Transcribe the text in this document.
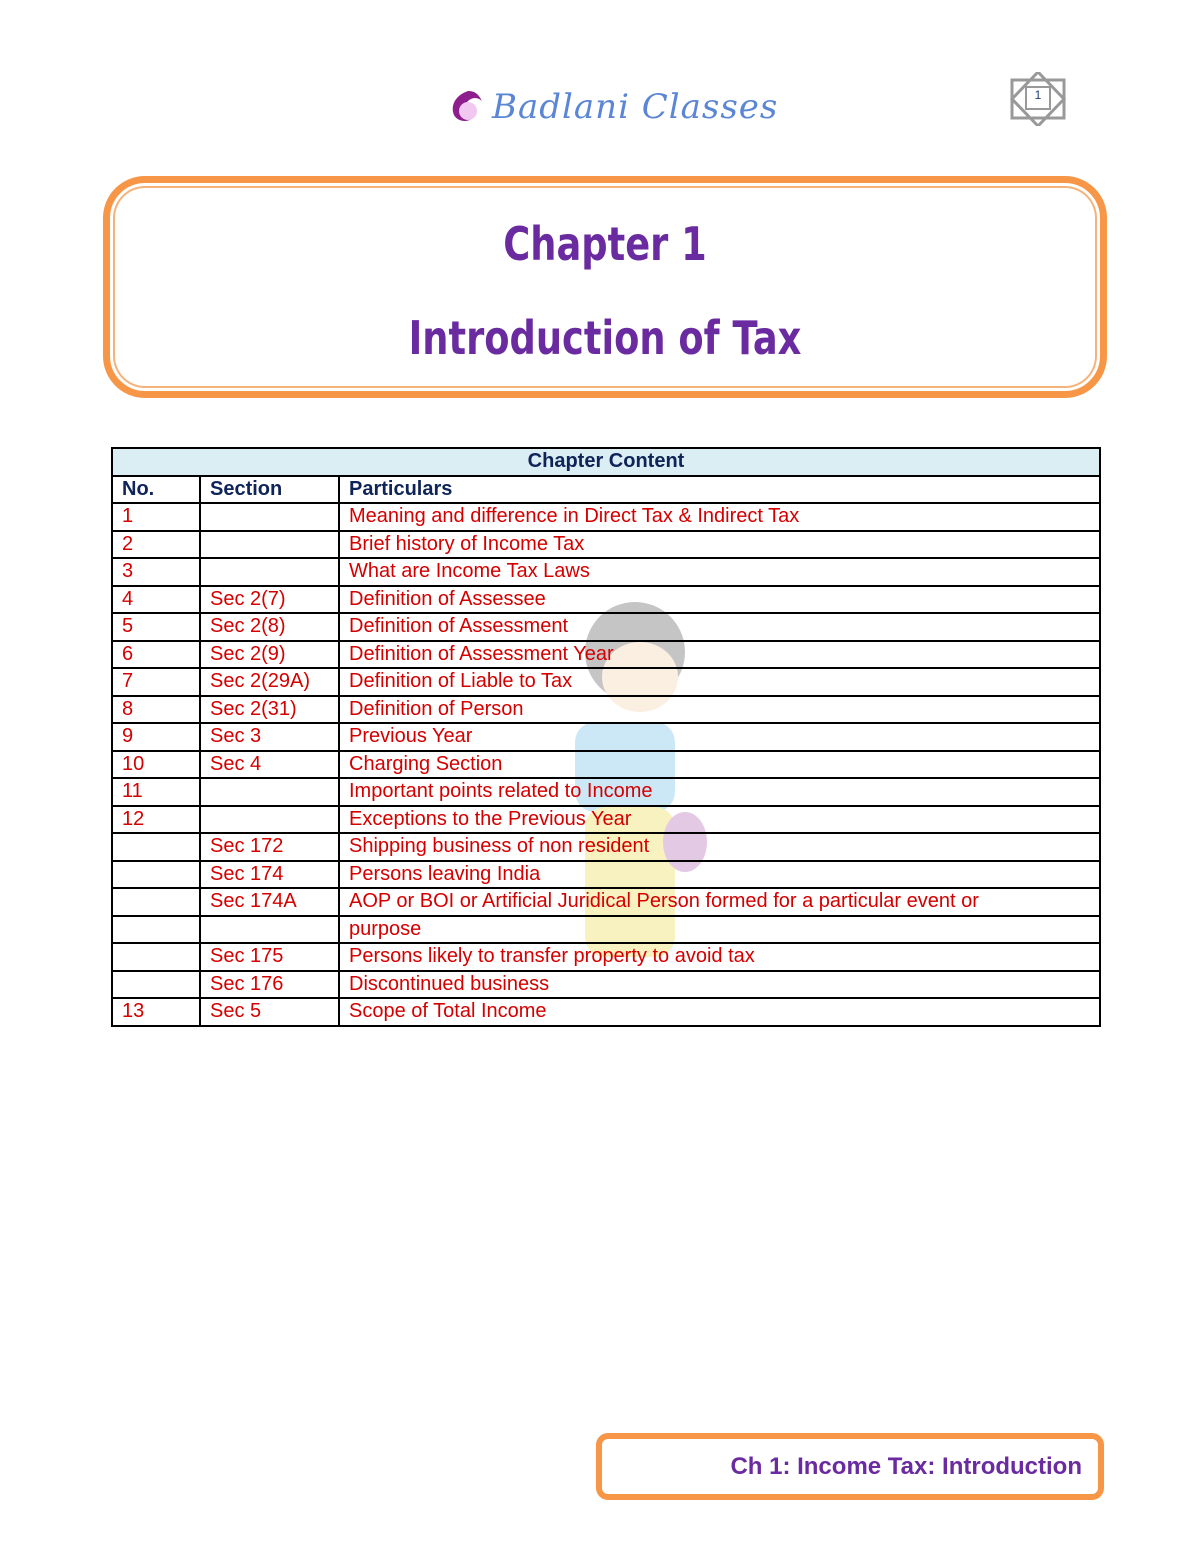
Badlani Classes	1
Chapter 1
Introduction of Tax
Chapter Content		
No.	Section	Particulars
1		Meaning and difference in Direct Tax & Indirect Tax
2		Brief history of Income Tax
3		What are Income Tax Laws
4	Sec 2(7)	Definition of Assessee
5	Sec 2(8)	Definition of Assessment
6	Sec 2(9)	Definition of Assessment Year
7	Sec 2(29A)	Definition of Liable to Tax
8	Sec 2(31)	Definition of Person
9	Sec 3	Previous Year
10	Sec 4	Charging Section
11		Important points related to Income
12		Exceptions to the Previous Year
	Sec 172	Shipping business of non resident
	Sec 174	Persons leaving India
	Sec 174A	AOP or BOI or Artificial Juridical Person formed for a particular event or
		purpose
	Sec 175	Persons likely to transfer property to avoid tax
	Sec 176	Discontinued business
13	Sec 5	Scope of Total Income
Ch 1: Income Tax: Introduction
